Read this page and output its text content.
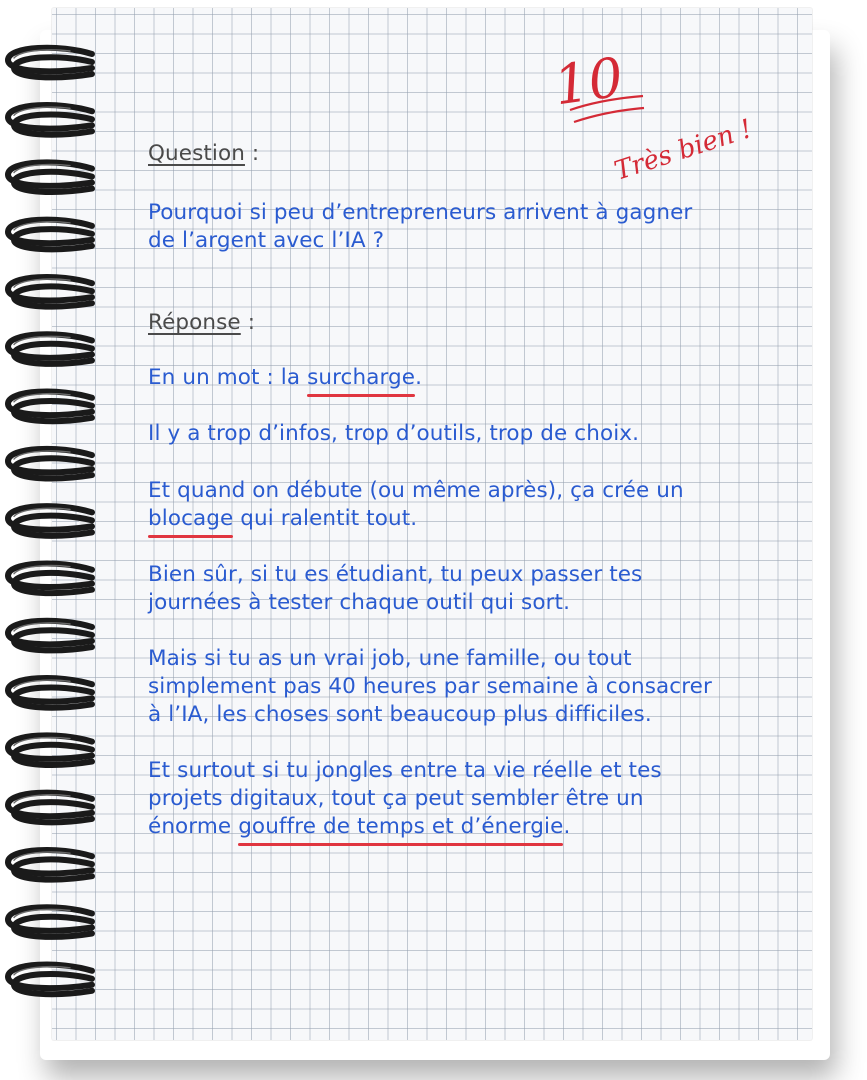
10
Très bien !
Question :
Pourquoi si peu d’entrepreneurs arrivent à gagner
de l’argent avec l’IA ?
Réponse :
En un mot : la surcharge.
Il y a trop d’infos, trop d’outils, trop de choix.
Et quand on débute (ou même après), ça crée un
blocage qui ralentit tout.
Bien sûr, si tu es étudiant, tu peux passer tes
journées à tester chaque outil qui sort.
Mais si tu as un vrai job, une famille, ou tout
simplement pas 40 heures par semaine à consacrer
à l’IA, les choses sont beaucoup plus difficiles.
Et surtout si tu jongles entre ta vie réelle et tes
projets digitaux, tout ça peut sembler être un
énorme gouffre de temps et d’énergie.
